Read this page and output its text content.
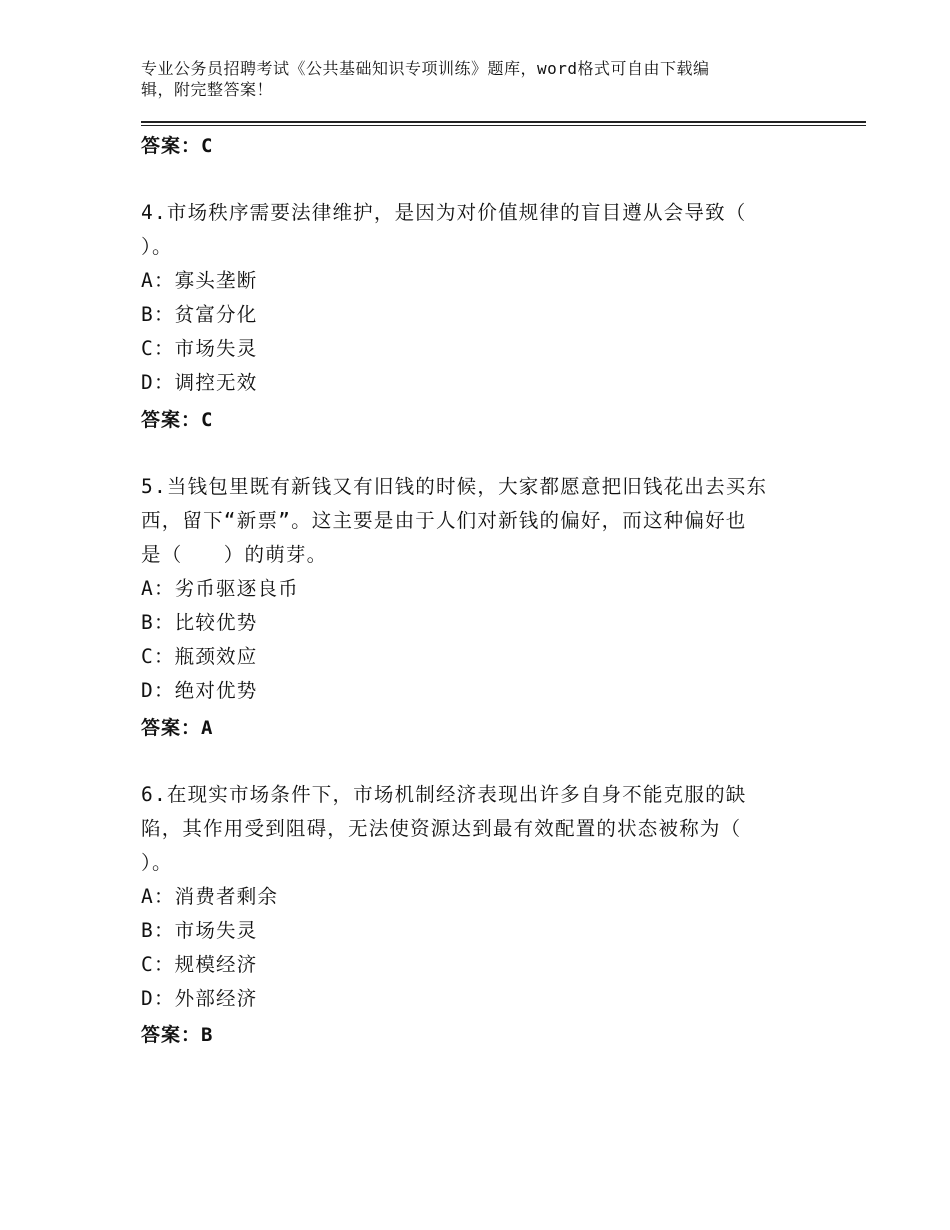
专业公务员招聘考试《公共基础知识专项训练》题库，word格式可自由下载编
辑，附完整答案！
答案：C
4.市场秩序需要法律维护，是因为对价值规律的盲目遵从会导致（
）。
A：寡头垄断
B：贫富分化
C：市场失灵
D：调控无效
答案：C
5.当钱包里既有新钱又有旧钱的时候，大家都愿意把旧钱花出去买东
西，留下“新票”。这主要是由于人们对新钱的偏好，而这种偏好也
是（　　）的萌芽。
A：劣币驱逐良币
B：比较优势
C：瓶颈效应
D：绝对优势
答案：A
6.在现实市场条件下，市场机制经济表现出许多自身不能克服的缺
陷，其作用受到阻碍，无法使资源达到最有效配置的状态被称为（
）。
A：消费者剩余
B：市场失灵
C：规模经济
D：外部经济
答案：B
